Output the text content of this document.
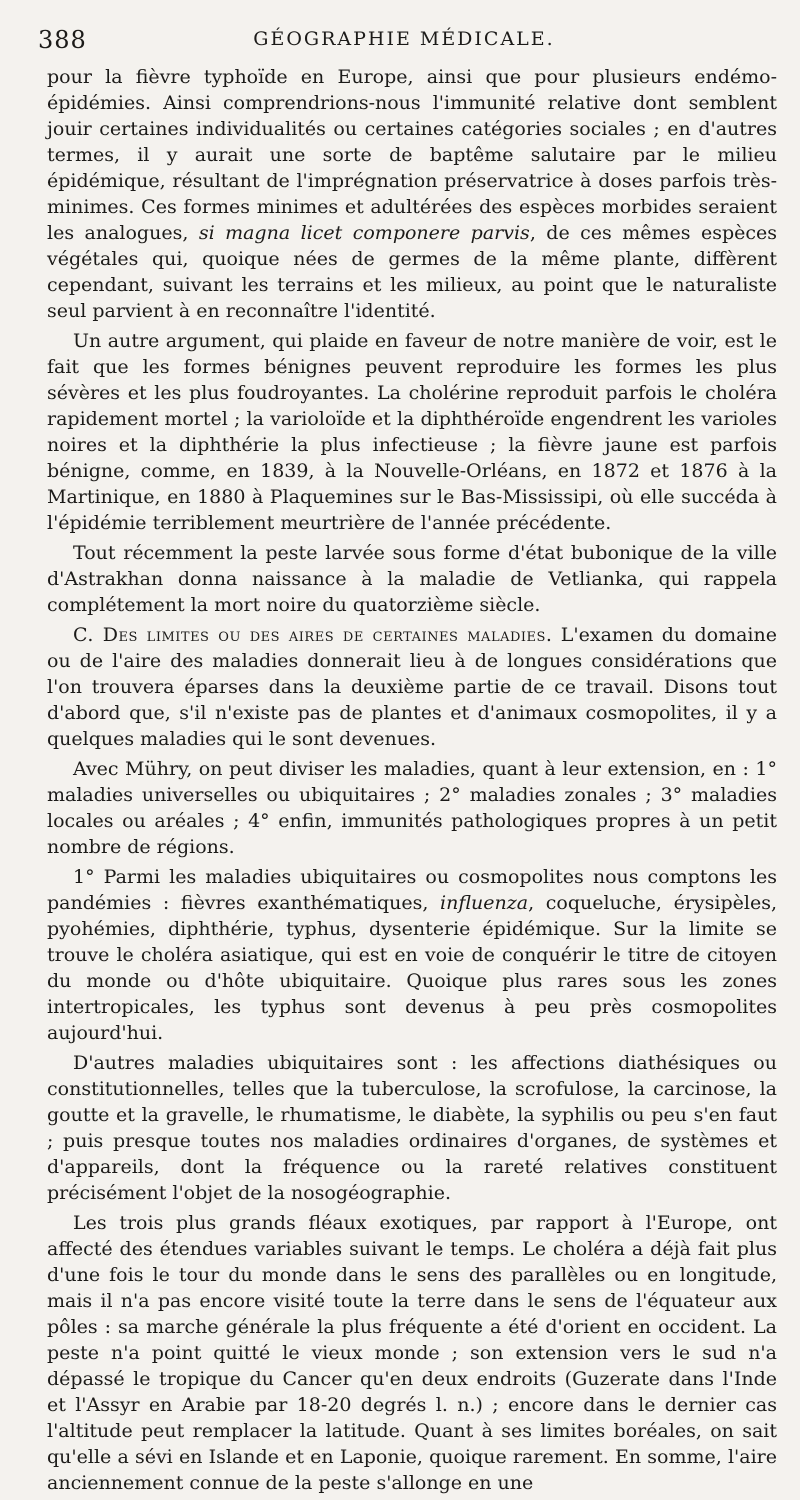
388	GÉOGRAPHIE MÉDICALE.

pour la fièvre typhoïde en Europe, ainsi que pour plusieurs endémo-épidémies. Ainsi comprendrions-nous l'immunité relative dont semblent jouir certaines individualités ou certaines catégories sociales ; en d'autres termes, il y aurait une sorte de baptême salutaire par le milieu épidémique, résultant de l'imprégnation préservatrice à doses parfois très-minimes. Ces formes minimes et adultérées des espèces morbides seraient les analogues, si magna licet componere parvis, de ces mêmes espèces végétales qui, quoique nées de germes de la même plante, diffèrent cependant, suivant les terrains et les milieux, au point que le naturaliste seul parvient à en reconnaître l'identité.

Un autre argument, qui plaide en faveur de notre manière de voir, est le fait que les formes bénignes peuvent reproduire les formes les plus sévères et les plus foudroyantes. La cholérine reproduit parfois le choléra rapidement mortel ; la varioloïde et la diphthéroïde engendrent les varioles noires et la diphthérie la plus infectieuse ; la fièvre jaune est parfois bénigne, comme, en 1839, à la Nouvelle-Orléans, en 1872 et 1876 à la Martinique, en 1880 à Plaquemines sur le Bas-Mississipi, où elle succéda à l'épidémie terriblement meurtrière de l'année précédente.

Tout récemment la peste larvée sous forme d'état bubonique de la ville d'Astrakhan donna naissance à la maladie de Vetlianka, qui rappela complétement la mort noire du quatorzième siècle.

C. Des limites ou des aires de certaines maladies. L'examen du domaine ou de l'aire des maladies donnerait lieu à de longues considérations que l'on trouvera éparses dans la deuxième partie de ce travail. Disons tout d'abord que, s'il n'existe pas de plantes et d'animaux cosmopolites, il y a quelques maladies qui le sont devenues.

Avec Mühry, on peut diviser les maladies, quant à leur extension, en : 1° maladies universelles ou ubiquitaires ; 2° maladies zonales ; 3° maladies locales ou aréales ; 4° enfin, immunités pathologiques propres à un petit nombre de régions.

1° Parmi les maladies ubiquitaires ou cosmopolites nous comptons les pandémies : fièvres exanthématiques, influenza, coqueluche, érysipèles, pyohémies, diphthérie, typhus, dysenterie épidémique. Sur la limite se trouve le choléra asiatique, qui est en voie de conquérir le titre de citoyen du monde ou d'hôte ubiquitaire. Quoique plus rares sous les zones intertropicales, les typhus sont devenus à peu près cosmopolites aujourd'hui.

D'autres maladies ubiquitaires sont : les affections diathésiques ou constitutionnelles, telles que la tuberculose, la scrofulose, la carcinose, la goutte et la gravelle, le rhumatisme, le diabète, la syphilis ou peu s'en faut ; puis presque toutes nos maladies ordinaires d'organes, de systèmes et d'appareils, dont la fréquence ou la rareté relatives constituent précisément l'objet de la nosogéographie.

Les trois plus grands fléaux exotiques, par rapport à l'Europe, ont affecté des étendues variables suivant le temps. Le choléra a déjà fait plus d'une fois le tour du monde dans le sens des parallèles ou en longitude, mais il n'a pas encore visité toute la terre dans le sens de l'équateur aux pôles : sa marche générale la plus fréquente a été d'orient en occident. La peste n'a point quitté le vieux monde ; son extension vers le sud n'a dépassé le tropique du Cancer qu'en deux endroits (Guzerate dans l'Inde et l'Assyr en Arabie par 18-20 degrés l. n.) ; encore dans le dernier cas l'altitude peut remplacer la latitude. Quant à ses limites boréales, on sait qu'elle a sévi en Islande et en Laponie, quoique rarement. En somme, l'aire anciennement connue de la peste s'allonge en une
